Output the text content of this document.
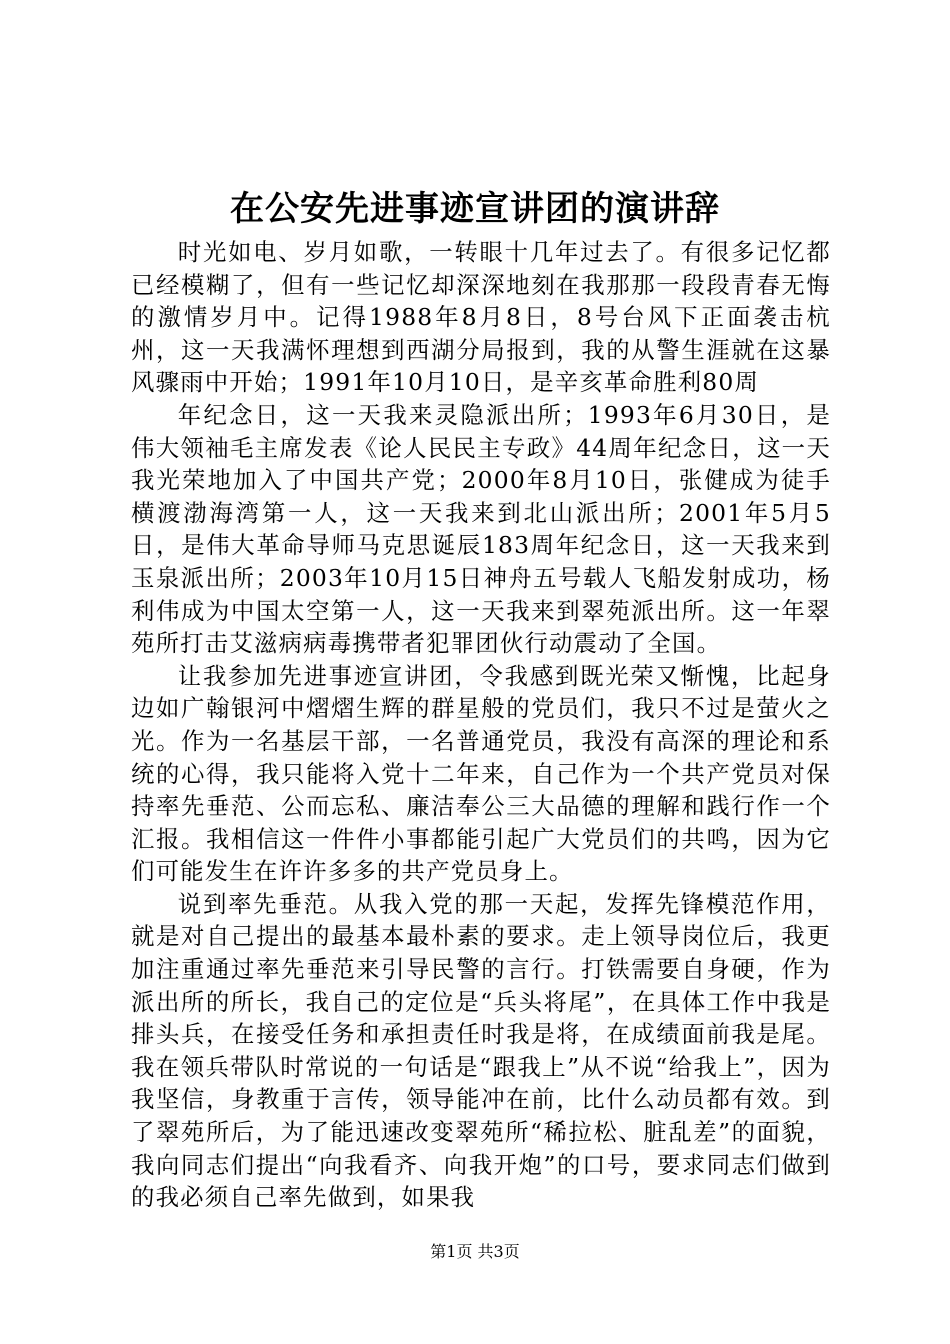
在公安先进事迹宣讲团的演讲辞

时光如电、岁月如歌，一转眼十几年过去了。有很多记忆都已经模糊了，但有一些记忆却深深地刻在我那那一段段青春无悔的激情岁月中。记得1988年8月8日，8号台风下正面袭击杭州，这一天我满怀理想到西湖分局报到，我的从警生涯就在这暴风骤雨中开始；1991年10月10日，是辛亥革命胜利80周

年纪念日，这一天我来灵隐派出所；1993年6月30日，是伟大领袖毛主席发表《论人民民主专政》44周年纪念日，这一天我光荣地加入了中国共产党；2000年8月10日，张健成为徒手横渡渤海湾第一人，这一天我来到北山派出所；2001年5月5日，是伟大革命导师马克思诞辰183周年纪念日，这一天我来到玉泉派出所；2003年10月15日神舟五号载人飞船发射成功，杨利伟成为中国太空第一人，这一天我来到翠苑派出所。这一年翠苑所打击艾滋病病毒携带者犯罪团伙行动震动了全国。

让我参加先进事迹宣讲团，令我感到既光荣又惭愧，比起身边如广翰银河中熠熠生辉的群星般的党员们，我只不过是萤火之光。作为一名基层干部，一名普通党员，我没有高深的理论和系统的心得，我只能将入党十二年来，自己作为一个共产党员对保持率先垂范、公而忘私、廉洁奉公三大品德的理解和践行作一个汇报。我相信这一件件小事都能引起广大党员们的共鸣，因为它们可能发生在许许多多的共产党员身上。

说到率先垂范。从我入党的那一天起，发挥先锋模范作用，就是对自己提出的最基本最朴素的要求。走上领导岗位后，我更加注重通过率先垂范来引导民警的言行。打铁需要自身硬，作为派出所的所长，我自己的定位是“兵头将尾”，在具体工作中我是排头兵，在接受任务和承担责任时我是将，在成绩面前我是尾。我在领兵带队时常说的一句话是“跟我上”从不说“给我上”，因为我坚信，身教重于言传，领导能冲在前，比什么动员都有效。到了翠苑所后，为了能迅速改变翠苑所“稀拉松、脏乱差”的面貌，我向同志们提出“向我看齐、向我开炮”的口号，要求同志们做到的我必须自己率先做到，如果我

第1页 共3页
